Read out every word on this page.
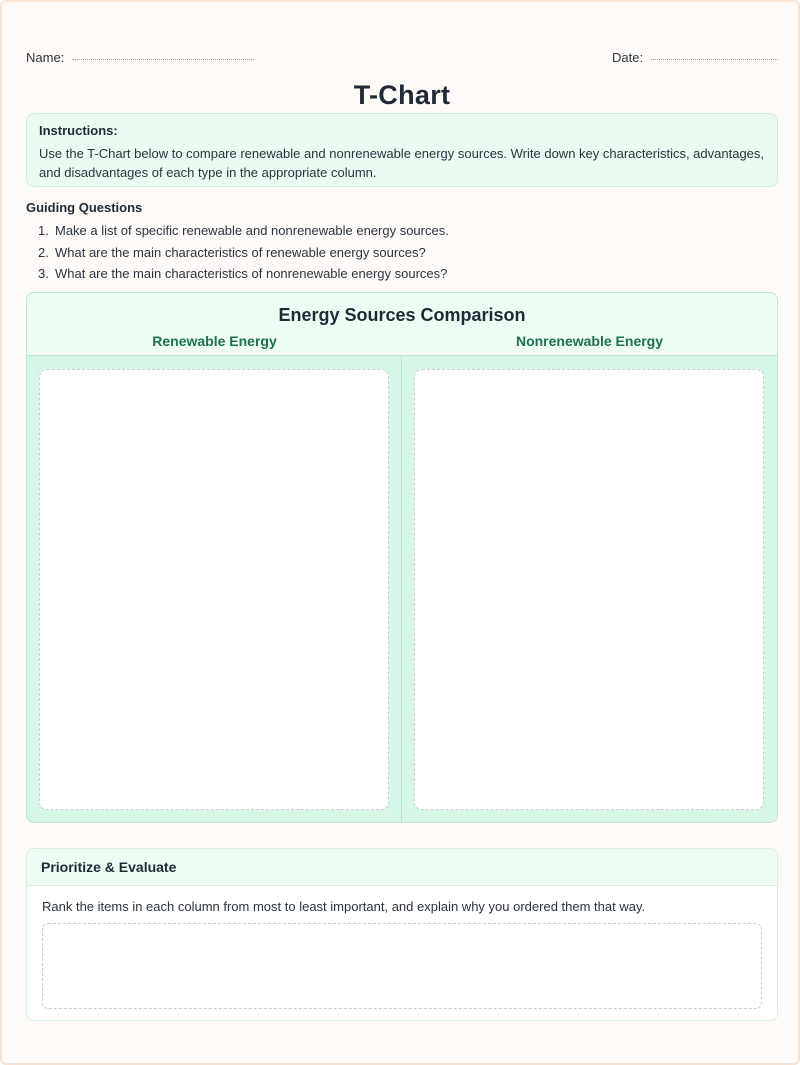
Name:	Date:
T-Chart
Instructions:
Use the T-Chart below to compare renewable and nonrenewable energy sources. Write down key characteristics, advantages, and disadvantages of each type in the appropriate column.
Guiding Questions
1. Make a list of specific renewable and nonrenewable energy sources.
2. What are the main characteristics of renewable energy sources?
3. What are the main characteristics of nonrenewable energy sources?
Energy Sources Comparison
Renewable Energy	Nonrenewable Energy
Prioritize & Evaluate
Rank the items in each column from most to least important, and explain why you ordered them that way.
